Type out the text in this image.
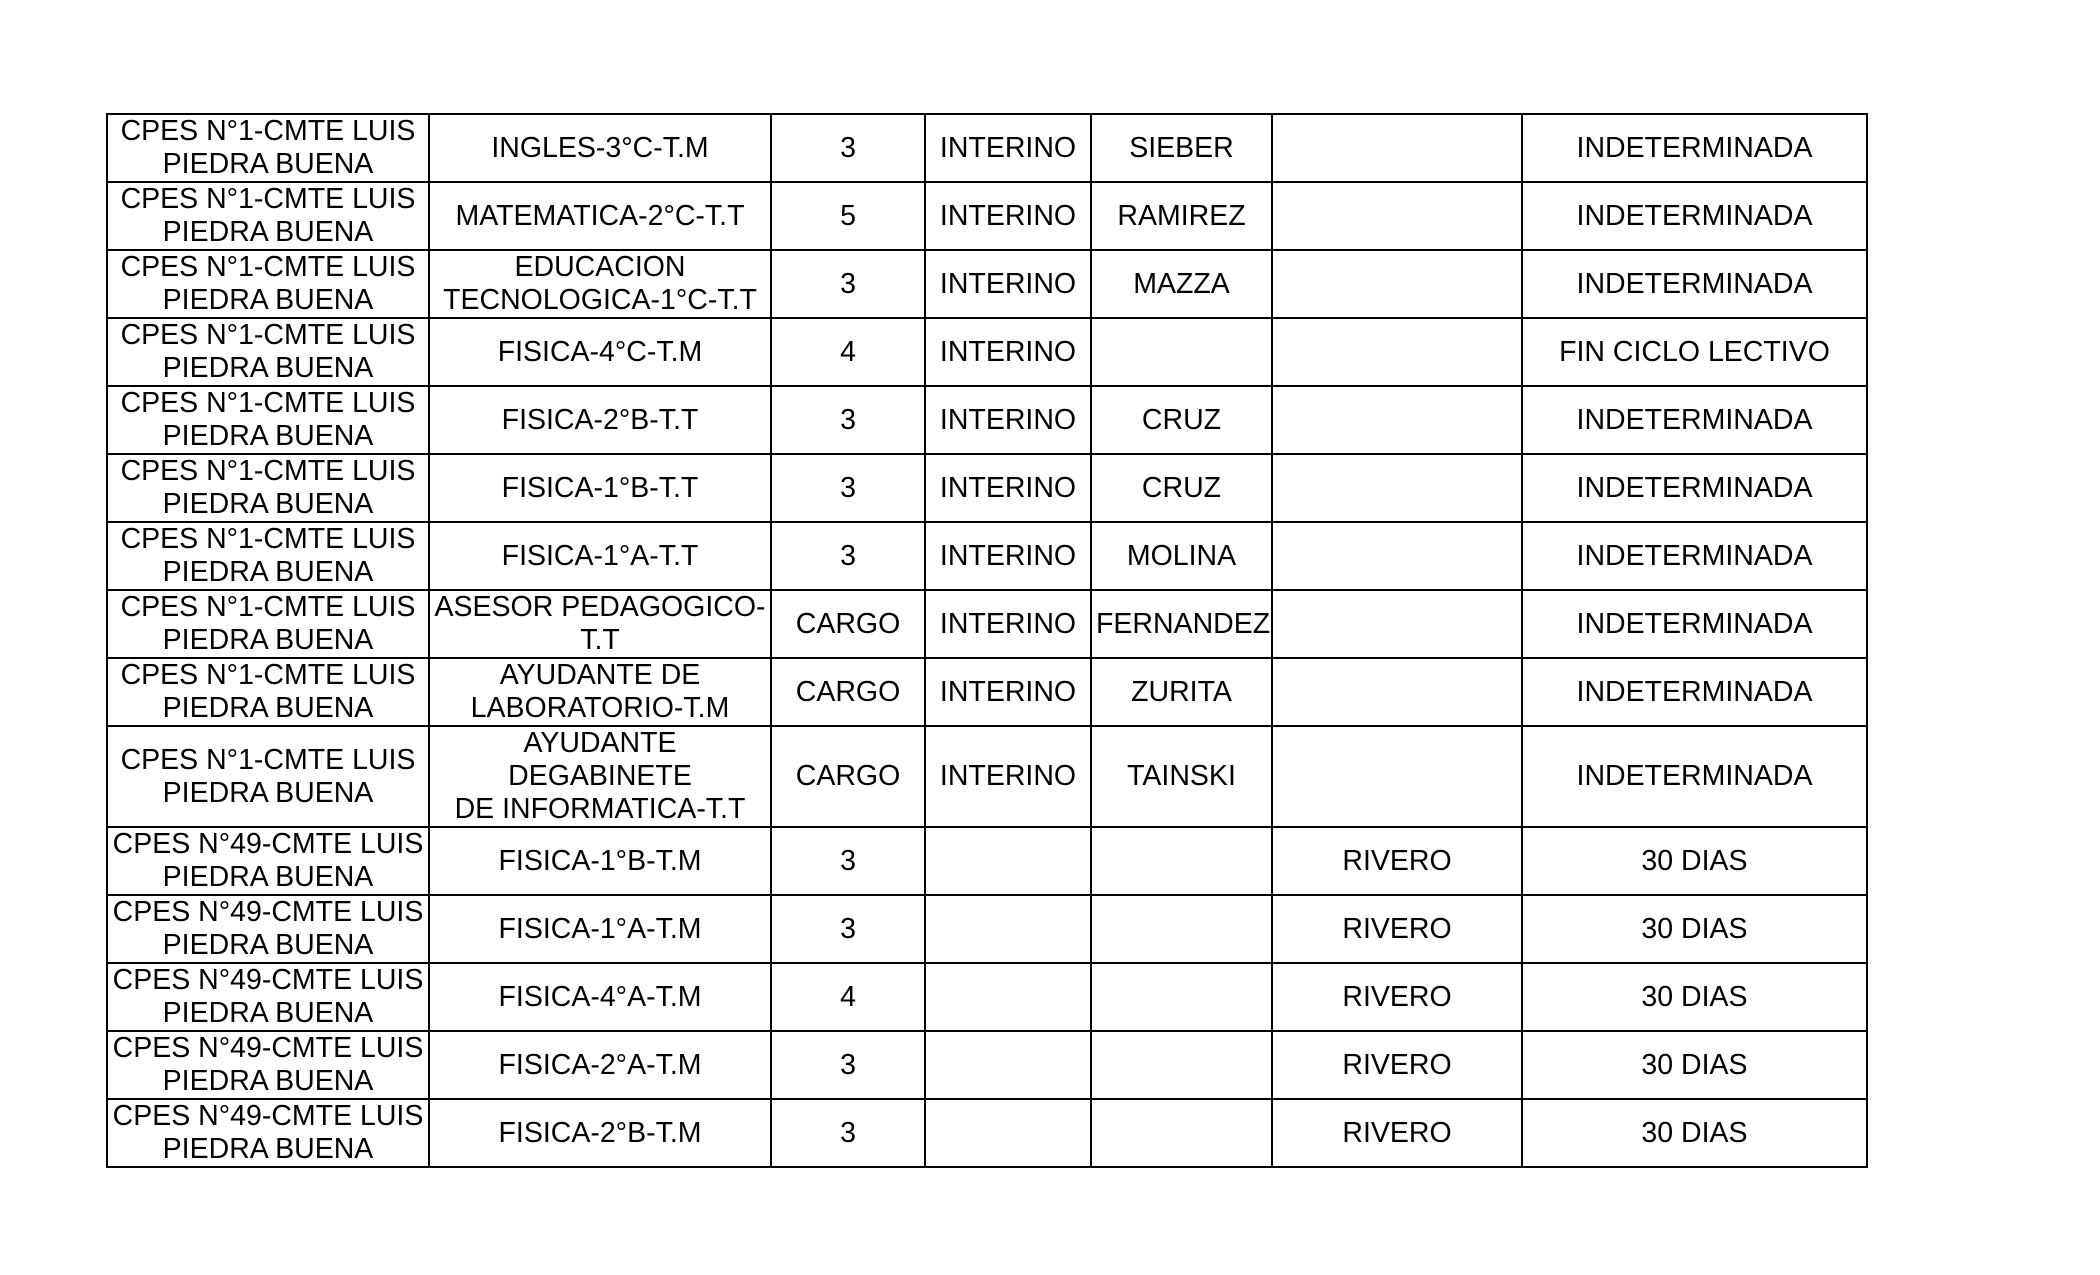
CPES N°1-CMTE LUIS
PIEDRA BUENA	INGLES-3°C-T.M	3	INTERINO	SIEBER		INDETERMINADA
CPES N°1-CMTE LUIS
PIEDRA BUENA	MATEMATICA-2°C-T.T	5	INTERINO	RAMIREZ		INDETERMINADA
CPES N°1-CMTE LUIS
PIEDRA BUENA	EDUCACION
TECNOLOGICA-1°C-T.T	3	INTERINO	MAZZA		INDETERMINADA
CPES N°1-CMTE LUIS
PIEDRA BUENA	FISICA-4°C-T.M	4	INTERINO			FIN CICLO LECTIVO
CPES N°1-CMTE LUIS
PIEDRA BUENA	FISICA-2°B-T.T	3	INTERINO	CRUZ		INDETERMINADA
CPES N°1-CMTE LUIS
PIEDRA BUENA	FISICA-1°B-T.T	3	INTERINO	CRUZ		INDETERMINADA
CPES N°1-CMTE LUIS
PIEDRA BUENA	FISICA-1°A-T.T	3	INTERINO	MOLINA		INDETERMINADA
CPES N°1-CMTE LUIS
PIEDRA BUENA	ASESOR PEDAGOGICO-
T.T	CARGO	INTERINO	FERNANDEZ		INDETERMINADA
CPES N°1-CMTE LUIS
PIEDRA BUENA	AYUDANTE DE
LABORATORIO-T.M	CARGO	INTERINO	ZURITA		INDETERMINADA
CPES N°1-CMTE LUIS
PIEDRA BUENA	AYUDANTE DEGABINETE
DE INFORMATICA-T.T	CARGO	INTERINO	TAINSKI		INDETERMINADA
CPES N°49-CMTE LUIS
PIEDRA BUENA	FISICA-1°B-T.M	3			RIVERO	30 DIAS
CPES N°49-CMTE LUIS
PIEDRA BUENA	FISICA-1°A-T.M	3			RIVERO	30 DIAS
CPES N°49-CMTE LUIS
PIEDRA BUENA	FISICA-4°A-T.M	4			RIVERO	30 DIAS
CPES N°49-CMTE LUIS
PIEDRA BUENA	FISICA-2°A-T.M	3			RIVERO	30 DIAS
CPES N°49-CMTE LUIS
PIEDRA BUENA	FISICA-2°B-T.M	3			RIVERO	30 DIAS
